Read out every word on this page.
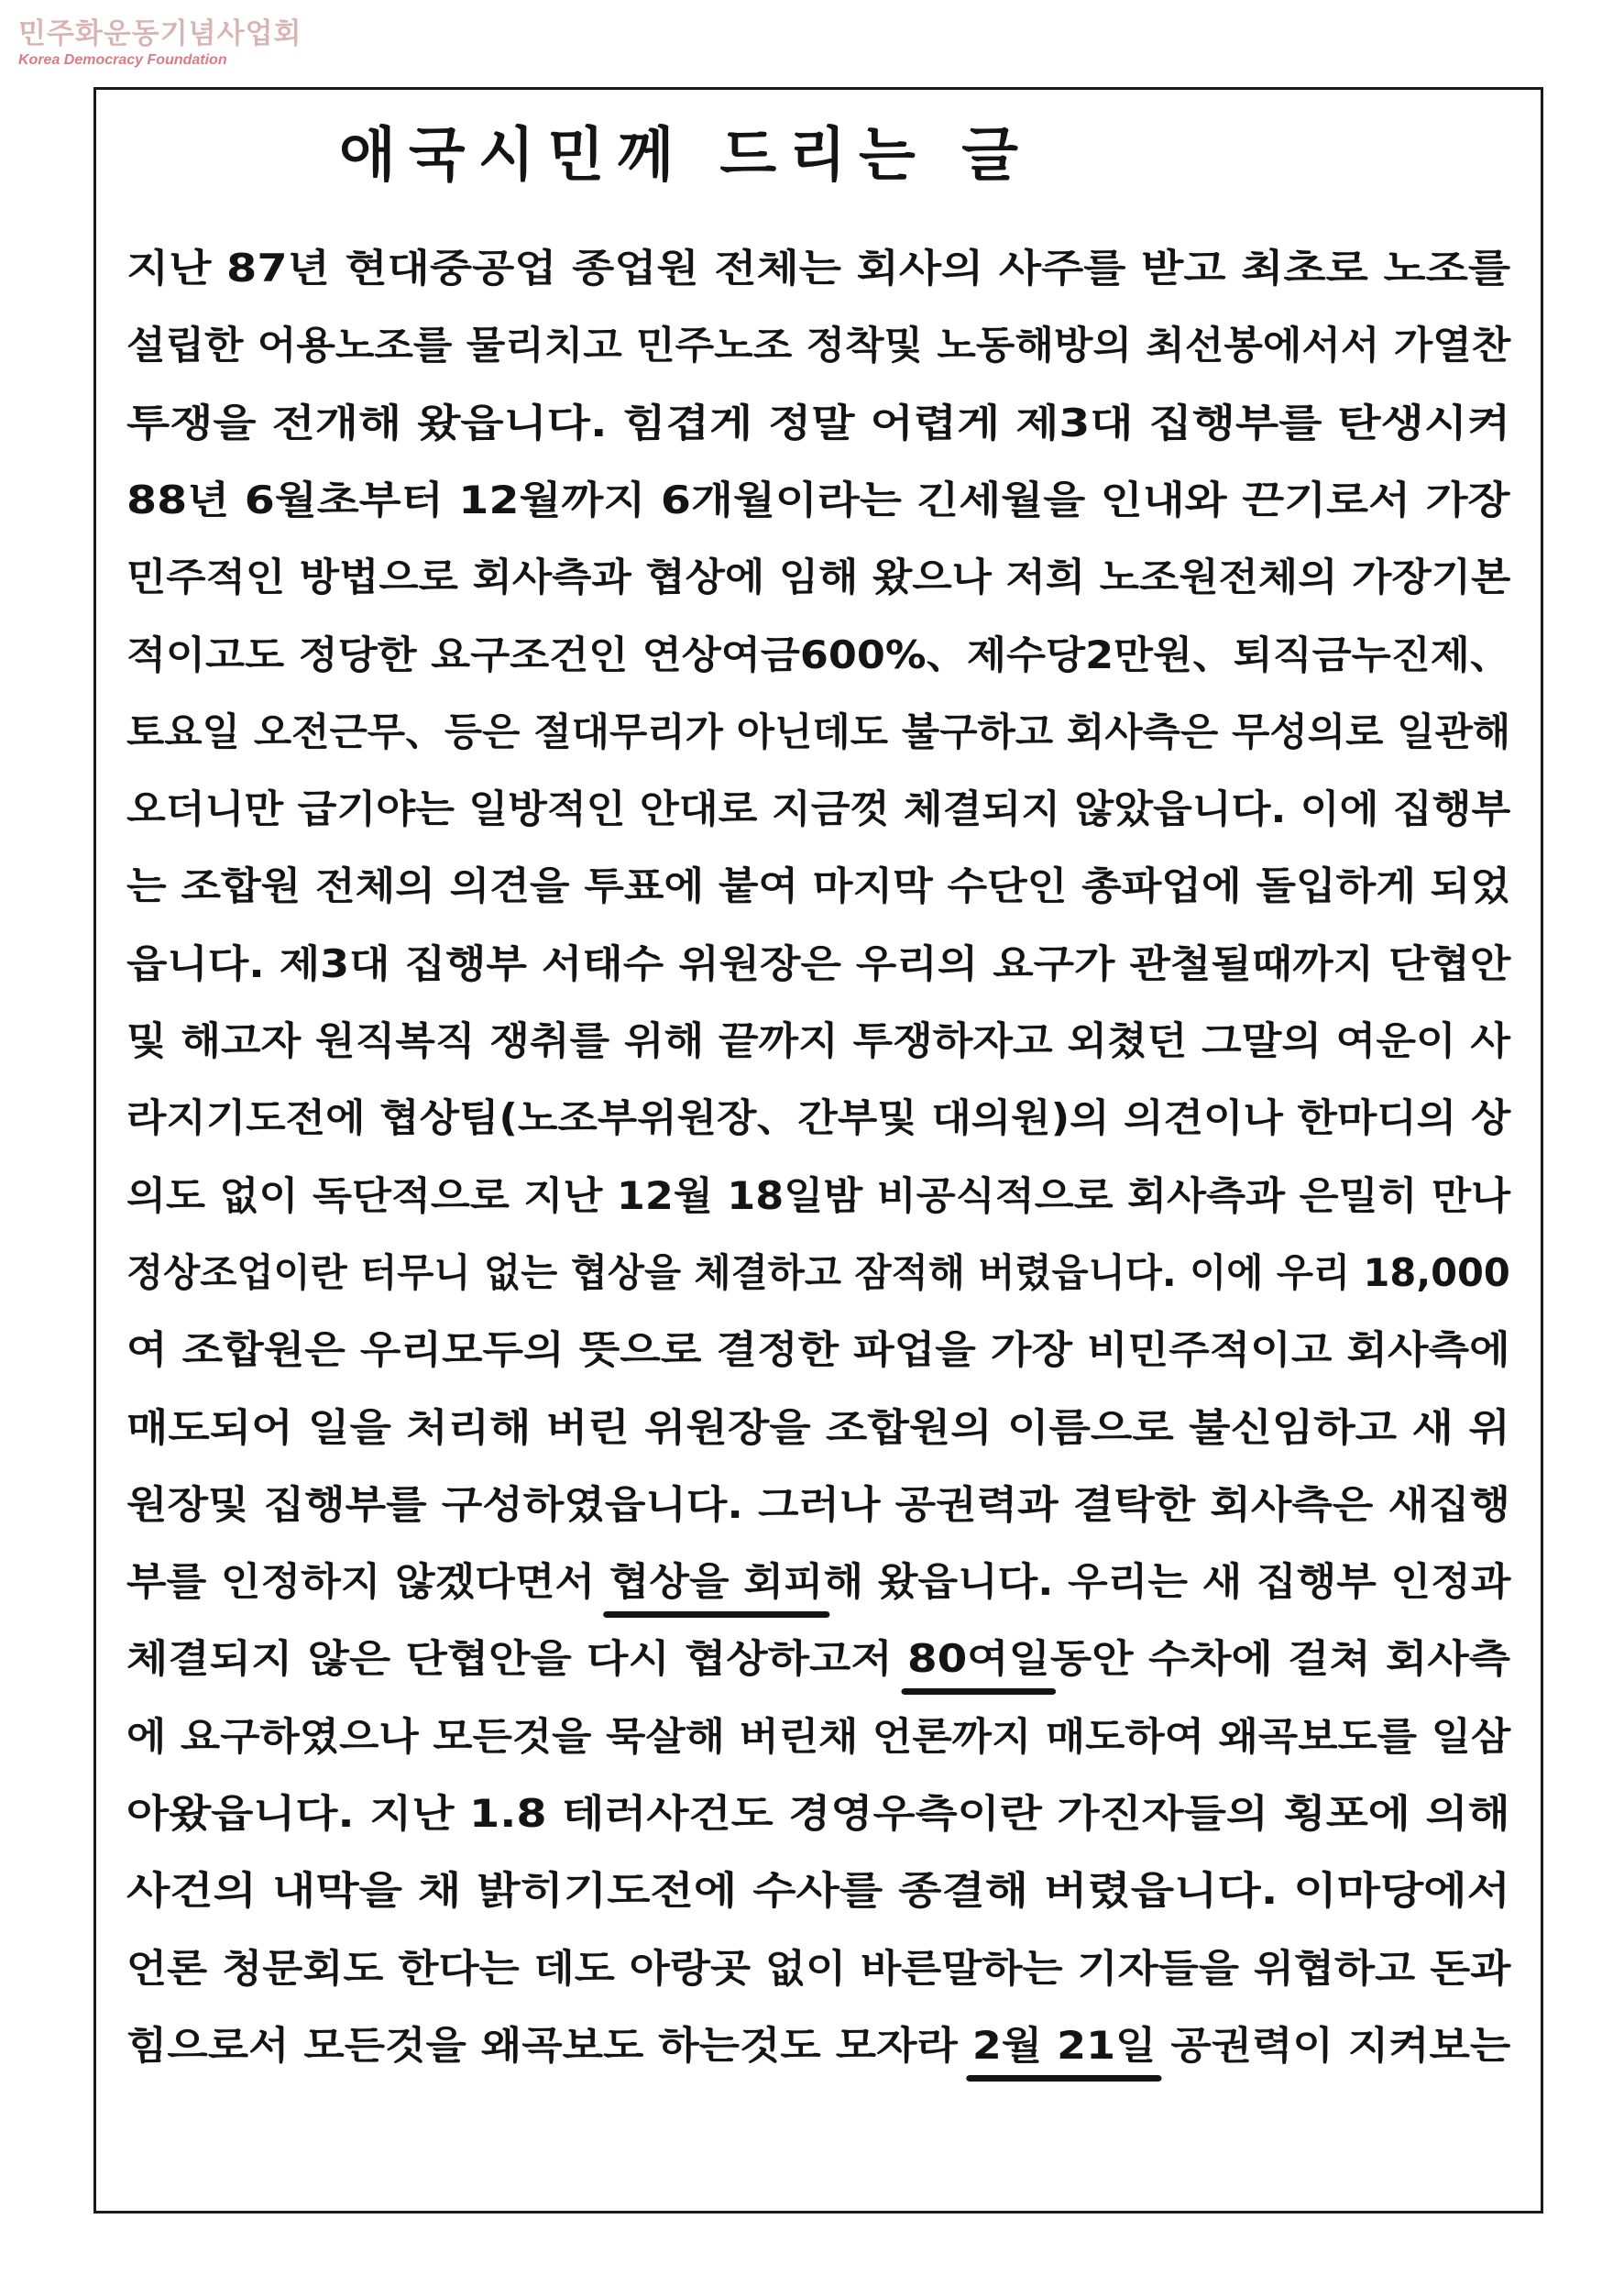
민주화운동기념사업회
Korea Democracy Foundation
애국시민께 드리는 글
지난 87년 현대중공업 종업원 전체는 회사의 사주를 받고 최초로 노조를
설립한 어용노조를 물리치고 민주노조 정착및 노동해방의 최선봉에서서 가열찬
투쟁을 전개해 왔읍니다. 힘겹게 정말 어렵게 제3대 집행부를 탄생시켜
88년 6월초부터 12월까지 6개월이라는 긴세월을 인내와 끈기로서 가장
민주적인 방법으로 회사측과 협상에 임해 왔으나 저희 노조원전체의 가장기본
적이고도 정당한 요구조건인 연상여금600%、제수당2만원、퇴직금누진제、
토요일 오전근무、등은 절대무리가 아닌데도 불구하고 회사측은 무성의로 일관해
오더니만 급기야는 일방적인 안대로 지금껏 체결되지 않았읍니다. 이에 집행부
는 조합원 전체의 의견을 투표에 붙여 마지막 수단인 총파업에 돌입하게 되었
읍니다. 제3대 집행부 서태수 위원장은 우리의 요구가 관철될때까지 단협안
및 해고자 원직복직 쟁취를 위해 끝까지 투쟁하자고 외쳤던 그말의 여운이 사
라지기도전에 협상팀(노조부위원장、간부및 대의원)의 의견이나 한마디의 상
의도 없이 독단적으로 지난 12월 18일밤 비공식적으로 회사측과 은밀히 만나
정상조업이란 터무니 없는 협상을 체결하고 잠적해 버렸읍니다. 이에 우리 18,000
여 조합원은 우리모두의 뜻으로 결정한 파업을 가장 비민주적이고 회사측에
매도되어 일을 처리해 버린 위원장을 조합원의 이름으로 불신임하고 새 위
원장및 집행부를 구성하였읍니다. 그러나 공권력과 결탁한 회사측은 새집행
부를 인정하지 않겠다면서 협상을 회피해 왔읍니다. 우리는 새 집행부 인정과
체결되지 않은 단협안을 다시 협상하고저 80여일동안 수차에 걸쳐 회사측
에 요구하였으나 모든것을 묵살해 버린채 언론까지 매도하여 왜곡보도를 일삼
아왔읍니다. 지난 1.8 테러사건도 경영우측이란 가진자들의 횡포에 의해
사건의 내막을 채 밝히기도전에 수사를 종결해 버렸읍니다. 이마당에서
언론 청문회도 한다는 데도 아랑곳 없이 바른말하는 기자들을 위협하고 돈과
힘으로서 모든것을 왜곡보도 하는것도 모자라 2월 21일 공권력이 지켜보는
